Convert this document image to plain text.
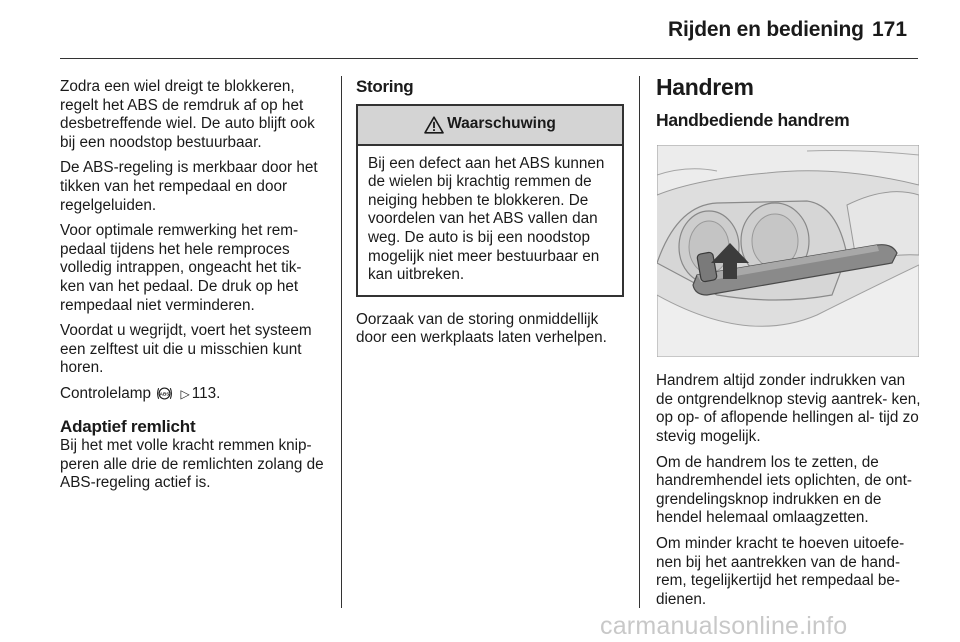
Rijden en bediening 171

Zodra een wiel dreigt te blokkeren, regelt het ABS de remdruk af op het desbetreffende wiel. De auto blijft ook bij een noodstop bestuurbaar.

De ABS-regeling is merkbaar door het tikken van het rempedaal en door regelgeluiden.

Voor optimale remwerking het rem- pedaal tijdens het hele remproces volledig intrappen, ongeacht het tik- ken van het pedaal. De druk op het rempedaal niet verminderen.

Voordat u wegrijdt, voert het systeem een zelftest uit die u misschien kunt horen.

Controlelamp ABS ▷ 113.

Adaptief remlicht

Bij het met volle kracht remmen knip- peren alle drie de remlichten zolang de ABS-regeling actief is.

Storing
Waarschuwing
Bij een defect aan het ABS kunnen de wielen bij krachtig remmen de neiging hebben te blokkeren. De voordelen van het ABS vallen dan weg. De auto is bij een noodstop mogelijk niet meer bestuurbaar en kan uitbreken.

Oorzaak van de storing onmiddellijk door een werkplaats laten verhelpen.

Handrem
Handbediende handrem

Handrem altijd zonder indrukken van de ontgrendelknop stevig aantrek- ken, op op- of aflopende hellingen al- tijd zo stevig mogelijk.

Om de handrem los te zetten, de handremhendel iets oplichten, de ont- grendelingsknop indrukken en de hendel helemaal omlaagzetten.

Om minder kracht te hoeven uitoefe- nen bij het aantrekken van de hand- rem, tegelijkertijd het rempedaal be- dienen.

carmanualsonline.info
